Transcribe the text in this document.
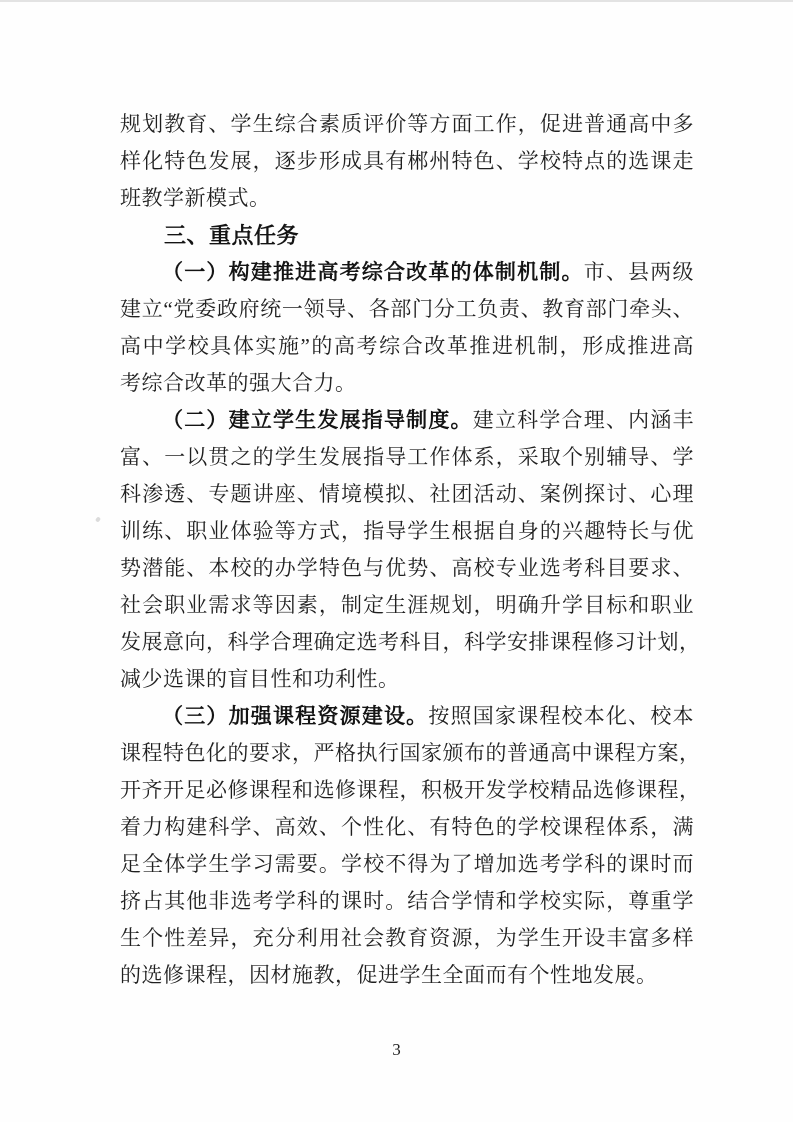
规划教育、学生综合素质评价等方面工作，促进普通高中多
样化特色发展，逐步形成具有郴州特色、学校特点的选课走
班教学新模式。
三、重点任务
（一）构建推进高考综合改革的体制机制。市、县两级
建立“党委政府统一领导、各部门分工负责、教育部门牵头、
高中学校具体实施”的高考综合改革推进机制，形成推进高
考综合改革的强大合力。
（二）建立学生发展指导制度。建立科学合理、内涵丰
富、一以贯之的学生发展指导工作体系，采取个别辅导、学
科渗透、专题讲座、情境模拟、社团活动、案例探讨、心理
训练、职业体验等方式，指导学生根据自身的兴趣特长与优
势潜能、本校的办学特色与优势、高校专业选考科目要求、
社会职业需求等因素，制定生涯规划，明确升学目标和职业
发展意向，科学合理确定选考科目，科学安排课程修习计划，
减少选课的盲目性和功利性。
（三）加强课程资源建设。按照国家课程校本化、校本
课程特色化的要求，严格执行国家颁布的普通高中课程方案，
开齐开足必修课程和选修课程，积极开发学校精品选修课程，
着力构建科学、高效、个性化、有特色的学校课程体系，满
足全体学生学习需要。学校不得为了增加选考学科的课时而
挤占其他非选考学科的课时。结合学情和学校实际，尊重学
生个性差异，充分利用社会教育资源，为学生开设丰富多样
的选修课程，因材施教，促进学生全面而有个性地发展。
3
